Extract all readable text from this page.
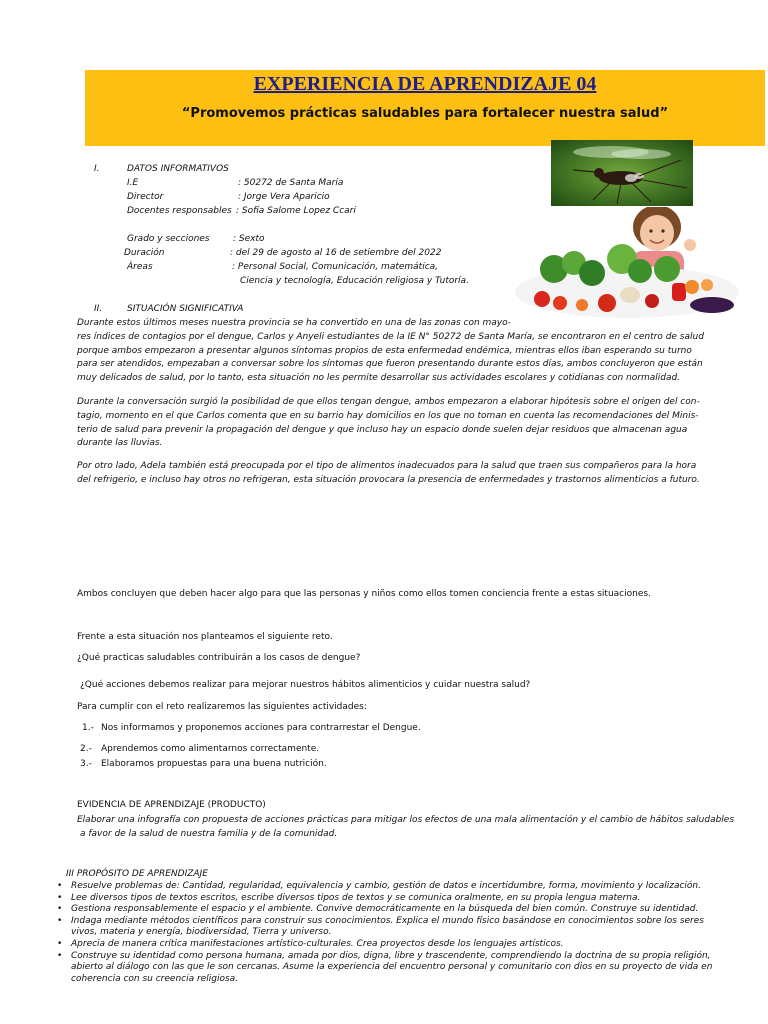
EXPERIENCIA DE APRENDIZAJE 04
“Promovemos prácticas saludables para fortalecer nuestra salud”
I.	DATOS INFORMATIVOS
I.E	: 50272 de Santa María
Director	: Jorge Vera Aparicio
Docentes responsables : Sofía Salome Lopez Ccari
Grado y secciones	: Sexto
Duración	: del 29 de agosto al 16 de setiembre del 2022
Áreas	: Personal Social, Comunicación, matemática,
Ciencia y tecnología, Educación religiosa y Tutoría.
II.	SITUACIÓN SIGNIFICATIVA
Durante estos últimos meses nuestra provincia se ha convertido en una de las zonas con mayo-
res índices de contagios por el dengue, Carlos y Anyeli estudiantes de la IE N° 50272 de Santa María, se encontraron en el centro de salud
porque ambos empezaron a presentar algunos síntomas propios de esta enfermedad endémica, mientras ellos iban esperando su turno
para ser atendidos, empezaban a conversar sobre los síntomas que fueron presentando durante estos días, ambos concluyeron que están
muy delicados de salud, por lo tanto, esta situación no les permite desarrollar sus actividades escolares y cotidianas con normalidad.
Durante la conversación surgió la posibilidad de que ellos tengan dengue, ambos empezaron a elaborar hipótesis sobre el origen del con-
tagio, momento en el que Carlos comenta que en su barrio hay domicilios en los que no toman en cuenta las recomendaciones del Minis-
terio de salud para prevenir la propagación del dengue y que incluso hay un espacio donde suelen dejar residuos que almacenan agua
durante las lluvias.
Por otro lado, Adela también está preocupada por el tipo de alimentos inadecuados para la salud que traen sus compañeros para la hora
del refrigerio, e incluso hay otros no refrigeran, esta situación provocara la presencia de enfermedades y trastornos alimenticios a futuro.
Ambos concluyen que deben hacer algo para que las personas y niños como ellos tomen conciencia frente a estas situaciones.
Frente a esta situación nos planteamos el siguiente reto.
¿Qué practicas saludables contribuirán a los casos de dengue?
¿Qué acciones debemos realizar para mejorar nuestros hábitos alimenticios y cuidar nuestra salud?
Para cumplir con el reto realizaremos las siguientes actividades:
1.- Nos informamos y proponemos acciones para contrarrestar el Dengue.
2.- Aprendemos como alimentarnos correctamente.
3.- Elaboramos propuestas para una buena nutrición.
EVIDENCIA DE APRENDIZAJE (PRODUCTO)
Elaborar una infografía con propuesta de acciones prácticas para mitigar los efectos de una mala alimentación y el cambio de hábitos saludables
a favor de la salud de nuestra familia y de la comunidad.
III PROPÓSITO DE APRENDIZAJE
• Resuelve problemas de: Cantidad, regularidad, equivalencia y cambio, gestión de datos e incertidumbre, forma, movimiento y localización.
• Lee diversos tipos de textos escritos, escribe diversos tipos de textos y se comunica oralmente, en su propia lengua materna.
• Gestiona responsablemente el espacio y el ambiente. Convive democráticamente en la búsqueda del bien común. Construye su identidad.
• Indaga mediante métodos científicos para construir sus conocimientos. Explica el mundo físico basándose en conocimientos sobre los seres vivos, materia y energía, biodiversidad, Tierra y universo.
• Aprecia de manera crítica manifestaciones artístico-culturales. Crea proyectos desde los lenguajes artísticos.
• Construye su identidad como persona humana, amada por dios, digna, libre y trascendente, comprendiendo la doctrina de su propia religión, abierto al diálogo con las que le son cercanas. Asume la experiencia del encuentro personal y comunitario con dios en su proyecto de vida en coherencia con su creencia religiosa.
